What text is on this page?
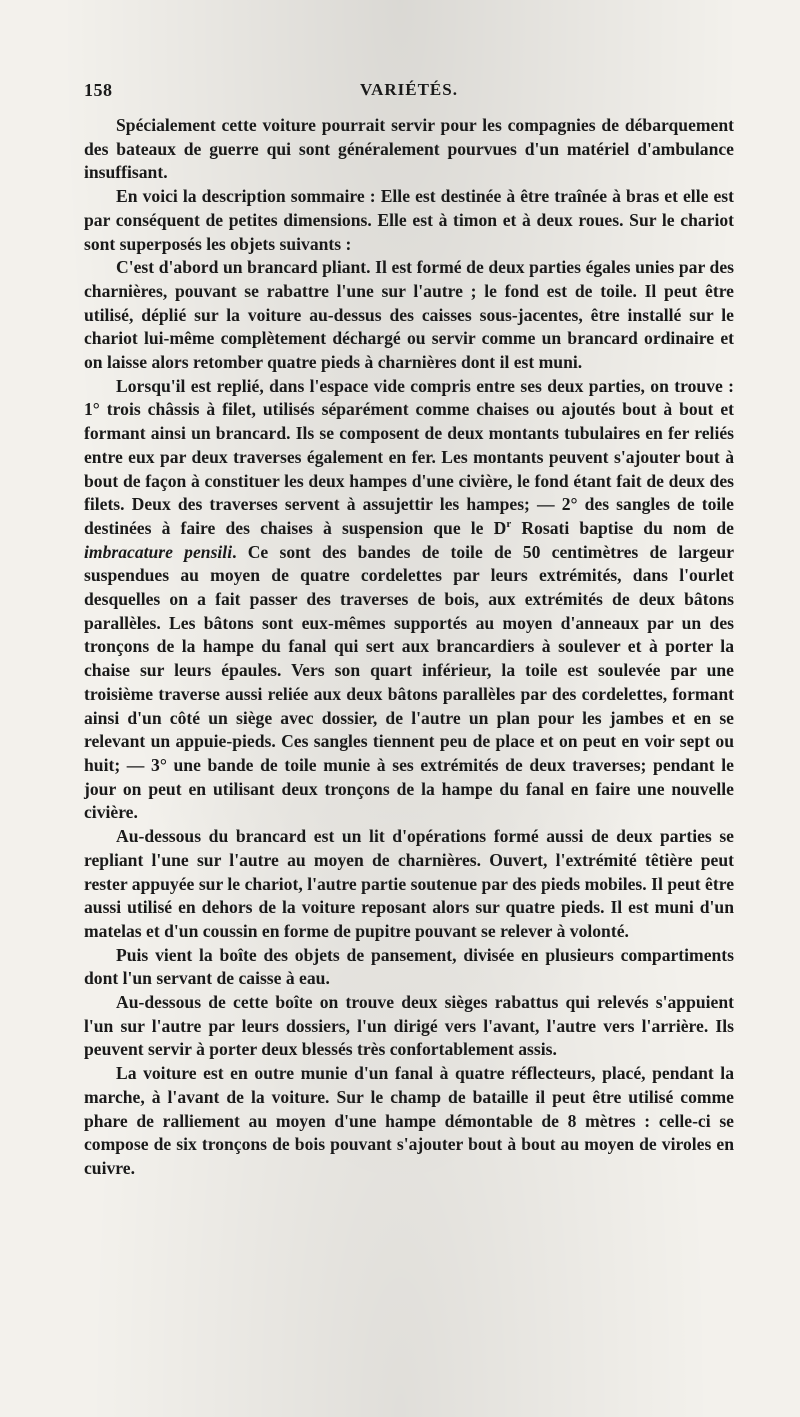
158	VARIÉTÉS.

Spécialement cette voiture pourrait servir pour les compagnies de débarquement des bateaux de guerre qui sont généralement pourvues d'un matériel d'ambulance insuffisant.

En voici la description sommaire : Elle est destinée à être traînée à bras et elle est par conséquent de petites dimensions. Elle est à timon et à deux roues. Sur le chariot sont superposés les objets suivants :

C'est d'abord un brancard pliant. Il est formé de deux parties égales unies par des charnières, pouvant se rabattre l'une sur l'autre ; le fond est de toile. Il peut être utilisé, déplié sur la voiture au-dessus des caisses sous-jacentes, être installé sur le chariot lui-même complètement déchargé ou servir comme un brancard ordinaire et on laisse alors retomber quatre pieds à charnières dont il est muni.

Lorsqu'il est replié, dans l'espace vide compris entre ses deux parties, on trouve : 1° trois châssis à filet, utilisés séparément comme chaises ou ajoutés bout à bout et formant ainsi un brancard. Ils se composent de deux montants tubulaires en fer reliés entre eux par deux traverses également en fer. Les montants peuvent s'ajouter bout à bout de façon à constituer les deux hampes d'une civière, le fond étant fait de deux des filets. Deux des traverses servent à assujettir les hampes; — 2° des sangles de toile destinées à faire des chaises à suspension que le $D^r$ Rosati baptise du nom de imbracature pensili. Ce sont des bandes de toile de 50 centimètres de largeur suspendues au moyen de quatre cordelettes par leurs extrémités, dans l'ourlet desquelles on a fait passer des traverses de bois, aux extrémités de deux bâtons parallèles. Les bâtons sont eux-mêmes supportés au moyen d'anneaux par un des tronçons de la hampe du fanal qui sert aux brancardiers à soulever et à porter la chaise sur leurs épaules. Vers son quart inférieur, la toile est soulevée par une troisième traverse aussi reliée aux deux bâtons parallèles par des cordelettes, formant ainsi d'un côté un siège avec dossier, de l'autre un plan pour les jambes et en se relevant un appuie-pieds. Ces sangles tiennent peu de place et on peut en voir sept ou huit; — 3° une bande de toile munie à ses extrémités de deux traverses; pendant le jour on peut en utilisant deux tronçons de la hampe du fanal en faire une nouvelle civière.

Au-dessous du brancard est un lit d'opérations formé aussi de deux parties se repliant l'une sur l'autre au moyen de charnières. Ouvert, l'extrémité têtière peut rester appuyée sur le chariot, l'autre partie soutenue par des pieds mobiles. Il peut être aussi utilisé en dehors de la voiture reposant alors sur quatre pieds. Il est muni d'un matelas et d'un coussin en forme de pupitre pouvant se relever à volonté.

Puis vient la boîte des objets de pansement, divisée en plusieurs compartiments dont l'un servant de caisse à eau.

Au-dessous de cette boîte on trouve deux sièges rabattus qui relevés s'appuient l'un sur l'autre par leurs dossiers, l'un dirigé vers l'avant, l'autre vers l'arrière. Ils peuvent servir à porter deux blessés très confortablement assis.

La voiture est en outre munie d'un fanal à quatre réflecteurs, placé, pendant la marche, à l'avant de la voiture. Sur le champ de bataille il peut être utilisé comme phare de ralliement au moyen d'une hampe démontable de 8 mètres : celle-ci se compose de six tronçons de bois pouvant s'ajouter bout à bout au moyen de viroles en cuivre.
